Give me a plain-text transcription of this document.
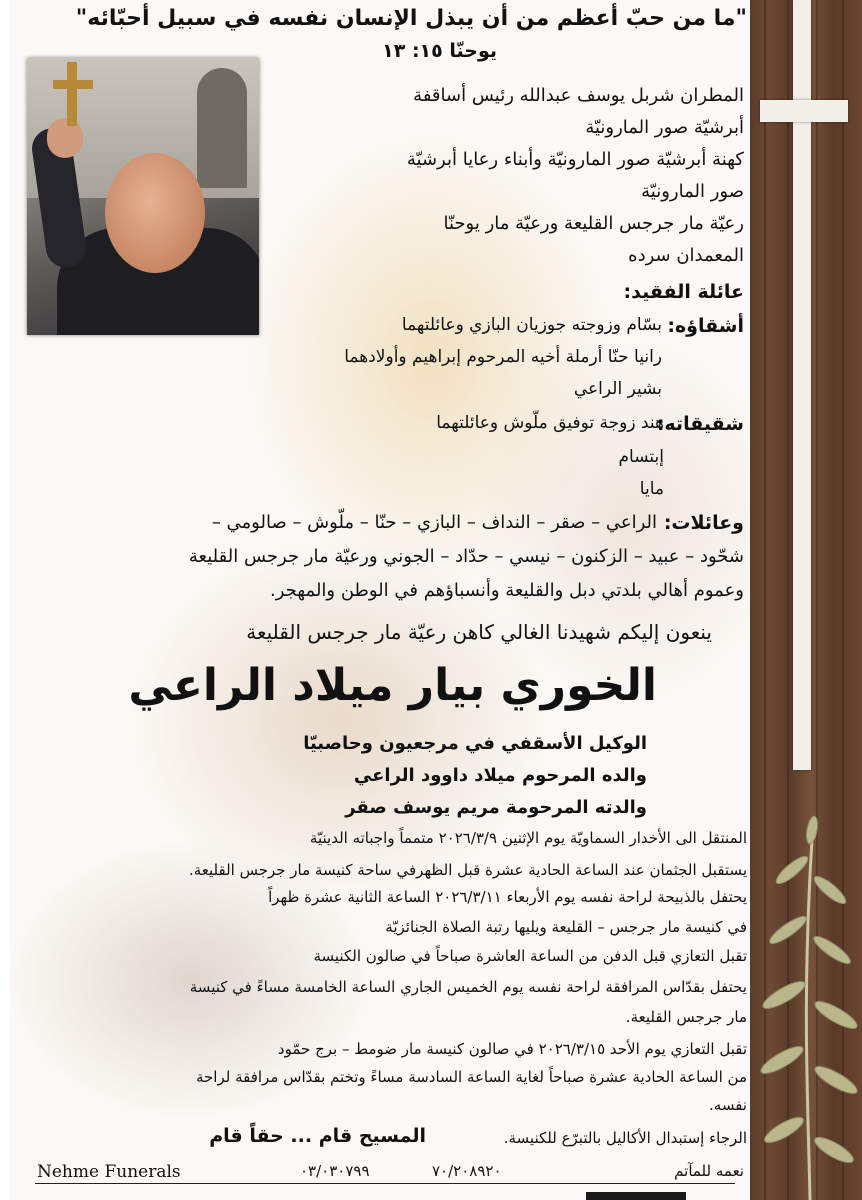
"ما من حبّ أعظم من أن يبذل الإنسان نفسه في سبيل أحبّائه"
يوحنّا ١٥: ١٣
المطران شربل يوسف عبدالله رئيس أساقفة
أبرشيّة صور المارونيّة
كهنة أبرشيّة صور المارونيّة وأبناء رعايا أبرشيّة
صور المارونيّة
رعيّة مار جرجس القليعة ورعيّة مار يوحنّا
المعمدان سرده
عائلة الفقيد:
أشقاؤه:
بسّام وزوجته جوزيان البازي وعائلتهما
رانيا حنّا أرملة أخيه المرحوم إبراهيم وأولادهما
بشير الراعي
شقيقاته:
هند زوجة توفيق ملّوش وعائلتهما
إبتسام
مايا
وعائلات:
الراعي – صقر – النداف – البازي – حنّا – ملّوش – صالومي –
شحّود – عبيد – الزكنون – نيسي – حدّاد – الجوني ورعيّة مار جرجس القليعة
وعموم أهالي بلدتي دبل والقليعة وأنسباؤهم في الوطن والمهجر.
ينعون إليكم شهيدنا الغالي كاهن رعيّة مار جرجس القليعة
الخوري بيار ميلاد الراعي
الوكيل الأسقفي في مرجعيون وحاصبيّا
والده المرحوم ميلاد داوود الراعي
والدته المرحومة مريم يوسف صقر
المنتقل الى الأخدار السماويّة يوم الإثنين ٢٠٢٦/٣/٩ متمماً واجباته الدينيّة
يستقبل الجثمان عند الساعة الحادية عشرة قبل الظهرفي ساحة كنيسة مار جرجس القليعة.
يحتفل بالذبيحة لراحة نفسه يوم الأربعاء ٢٠٢٦/٣/١١ الساعة الثانية عشرة ظهراً
في كنيسة مار جرجس – القليعة ويليها رتبة الصلاة الجنائزيّة
تقبل التعازي قبل الدفن من الساعة العاشرة صباحاً في صالون الكنيسة
يحتفل بقدّاس المرافقة لراحة نفسه يوم الخميس الجاري الساعة الخامسة مساءً في كنيسة
مار جرجس القليعة.
تقبل التعازي يوم الأحد ٢٠٢٦/٣/١٥ في صالون كنيسة مار ضومط – برج حمّود
من الساعة الحادية عشرة صباحاً لغاية الساعة السادسة مساءً وتختم بقدّاس مرافقة لراحة
نفسه.
الرجاء إستبدال الأكاليل بالتبرّع للكنيسة.
المسيح قام ... حقاً قام
Nehme Funerals	٠٣/٠٣٠٧٩٩	٧٠/٢٠٨٩٢٠	نعمه للمآتم
